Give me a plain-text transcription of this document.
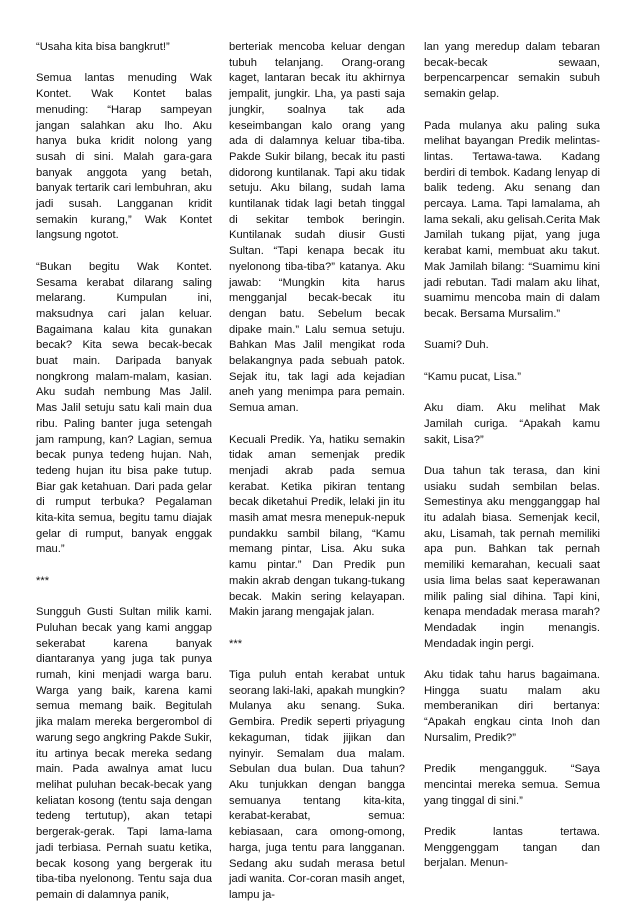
“Usaha kita bisa bangkrut!”

Semua lantas menuding Wak Kontet. Wak Kontet balas menuding: “Harap sampeyan jangan salahkan aku lho. Aku hanya buka kridit nolong yang susah di sini. Malah gara-gara banyak anggota yang betah, banyak tertarik cari lembuhran, aku jadi susah. Langganan kridit semakin kurang,” Wak Kontet langsung ngotot.

“Bukan begitu Wak Kontet. Sesama kerabat dilarang saling melarang. Kumpulan ini, maksudnya cari jalan keluar. Bagaimana kalau kita gunakan becak? Kita sewa becak-becak buat main. Daripada banyak nongkrong malam-malam, kasian. Aku sudah nembung Mas Jalil. Mas Jalil setuju satu kali main dua ribu. Paling banter juga setengah jam rampung, kan? Lagian, semua becak punya tedeng hujan. Nah, tedeng hujan itu bisa pake tutup. Biar gak ketahuan. Dari pada gelar di rumput terbuka? Pegalaman kita-kita semua, begitu tamu diajak gelar di rumput, banyak enggak mau.”

***

Sungguh Gusti Sultan milik kami. Puluhan becak yang kami anggap sekerabat karena banyak diantaranya yang juga tak punya rumah, kini menjadi warga baru. Warga yang baik, karena kami semua memang baik. Begitulah jika malam mereka bergerombol di warung sego angkring Pakde Sukir, itu artinya becak mereka sedang main. Pada awalnya amat lucu melihat puluhan becak-becak yang keliatan kosong (tentu saja dengan tedeng tertutup), akan tetapi bergerak-gerak. Tapi lama-lama jadi terbiasa. Pernah suatu ketika, becak kosong yang bergerak itu tiba-tiba nyelonong. Tentu saja dua pemain di dalamnya panik,

berteriak mencoba keluar dengan tubuh telanjang. Orang-orang kaget, lantaran becak itu akhirnya jempalit, jungkir. Lha, ya pasti saja jungkir, soalnya tak ada keseimbangan kalo orang yang ada di dalamnya keluar tiba-tiba. Pakde Sukir bilang, becak itu pasti didorong kuntilanak. Tapi aku tidak setuju. Aku bilang, sudah lama kuntilanak tidak lagi betah tinggal di sekitar tembok beringin. Kuntilanak sudah diusir Gusti Sultan. “Tapi kenapa becak itu nyelonong tiba-tiba?” katanya. Aku jawab: “Mungkin kita harus mengganjal becak-becak itu dengan batu. Sebelum becak dipake main.” Lalu semua setuju. Bahkan Mas Jalil mengikat roda belakangnya pada sebuah patok. Sejak itu, tak lagi ada kejadian aneh yang menimpa para pemain. Semua aman.

Kecuali Predik. Ya, hatiku semakin tidak aman semenjak predik menjadi akrab pada semua kerabat. Ketika pikiran tentang becak diketahui Predik, lelaki jin itu masih amat mesra menepuk-nepuk pundakku sambil bilang, “Kamu memang pintar, Lisa. Aku suka kamu pintar.” Dan Predik pun makin akrab dengan tukang-tukang becak. Makin sering kelayapan. Makin jarang mengajak jalan.

***

Tiga puluh entah kerabat untuk seorang laki-laki, apakah mungkin? Mulanya aku senang. Suka. Gembira. Predik seperti priyagung kekaguman, tidak jijikan dan nyinyir. Semalam dua malam. Sebulan dua bulan. Dua tahun? Aku tunjukkan dengan bangga semuanya tentang kita-kita, kerabat-kerabat, semua: kebiasaan, cara omong-omong, harga, juga tentu para langganan. Sedang aku sudah merasa betul jadi wanita. Cor-coran masih anget, lampu ja-

lan yang meredup dalam tebaran becak-becak sewaan, berpencarpencar semakin subuh semakin gelap.

Pada mulanya aku paling suka melihat bayangan Predik melintas-lintas. Tertawa-tawa. Kadang berdiri di tembok. Kadang lenyap di balik tedeng. Aku senang dan percaya. Lama. Tapi lamalama, ah lama sekali, aku gelisah.Cerita Mak Jamilah tukang pijat, yang juga kerabat kami, membuat aku takut. Mak Jamilah bilang: “Suamimu kini jadi rebutan. Tadi malam aku lihat, suamimu mencoba main di dalam becak. Bersama Mursalim.”

Suami? Duh.

“Kamu pucat, Lisa.”

Aku diam. Aku melihat Mak Jamilah curiga. “Apakah kamu sakit, Lisa?”

Dua tahun tak terasa, dan kini usiaku sudah sembilan belas. Semestinya aku mengganggap hal itu adalah biasa. Semenjak kecil, aku, Lisamah, tak pernah memiliki apa pun. Bahkan tak pernah memiliki kemarahan, kecuali saat usia lima belas saat keperawanan milik paling sial dihina. Tapi kini, kenapa mendadak merasa marah? Mendadak ingin menangis. Mendadak ingin pergi.

Aku tidak tahu harus bagaimana. Hingga suatu malam aku memberanikan diri bertanya: “Apakah engkau cinta Inoh dan Nursalim, Predik?”

Predik mengangguk. “Saya mencintai mereka semua. Semua yang tinggal di sini.”

Predik lantas tertawa. Menggenggam tangan dan berjalan. Menun-
